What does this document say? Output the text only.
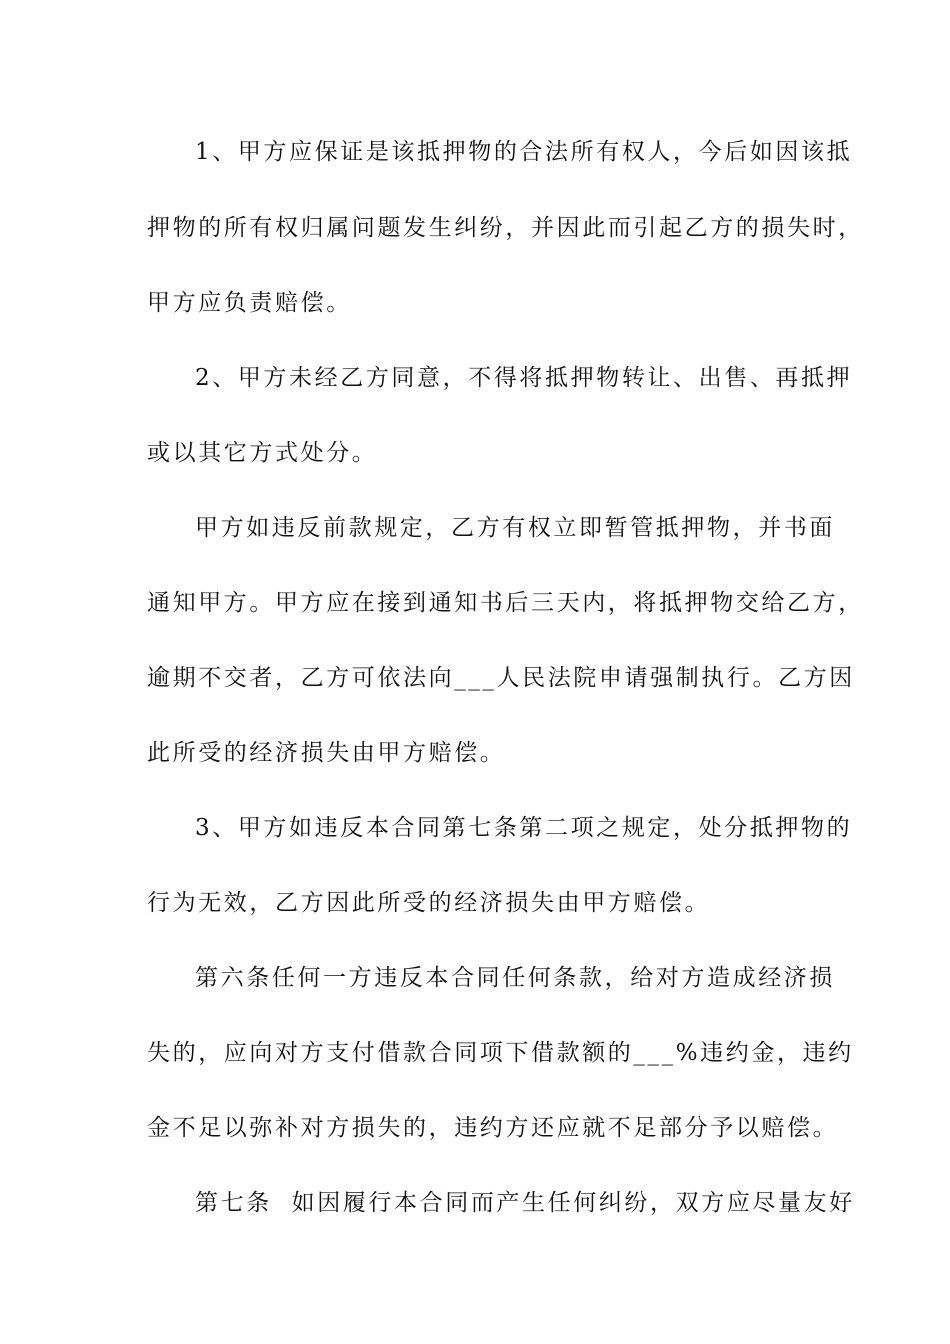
1、甲方应保证是该抵押物的合法所有权人，今后如因该抵
押物的所有权归属问题发生纠纷，并因此而引起乙方的损失时，
甲方应负责赔偿。
2、甲方未经乙方同意，不得将抵押物转让、出售、再抵押
或以其它方式处分。
甲方如违反前款规定，乙方有权立即暂管抵押物，并书面
通知甲方。甲方应在接到通知书后三天内，将抵押物交给乙方，
逾期不交者，乙方可依法向___人民法院申请强制执行。乙方因
此所受的经济损失由甲方赔偿。
3、甲方如违反本合同第七条第二项之规定，处分抵押物的
行为无效，乙方因此所受的经济损失由甲方赔偿。
第六条任何一方违反本合同任何条款，给对方造成经济损
失的，应向对方支付借款合同项下借款额的___%违约金，违约
金不足以弥补对方损失的，违约方还应就不足部分予以赔偿。
第七条  如因履行本合同而产生任何纠纷，双方应尽量友好
